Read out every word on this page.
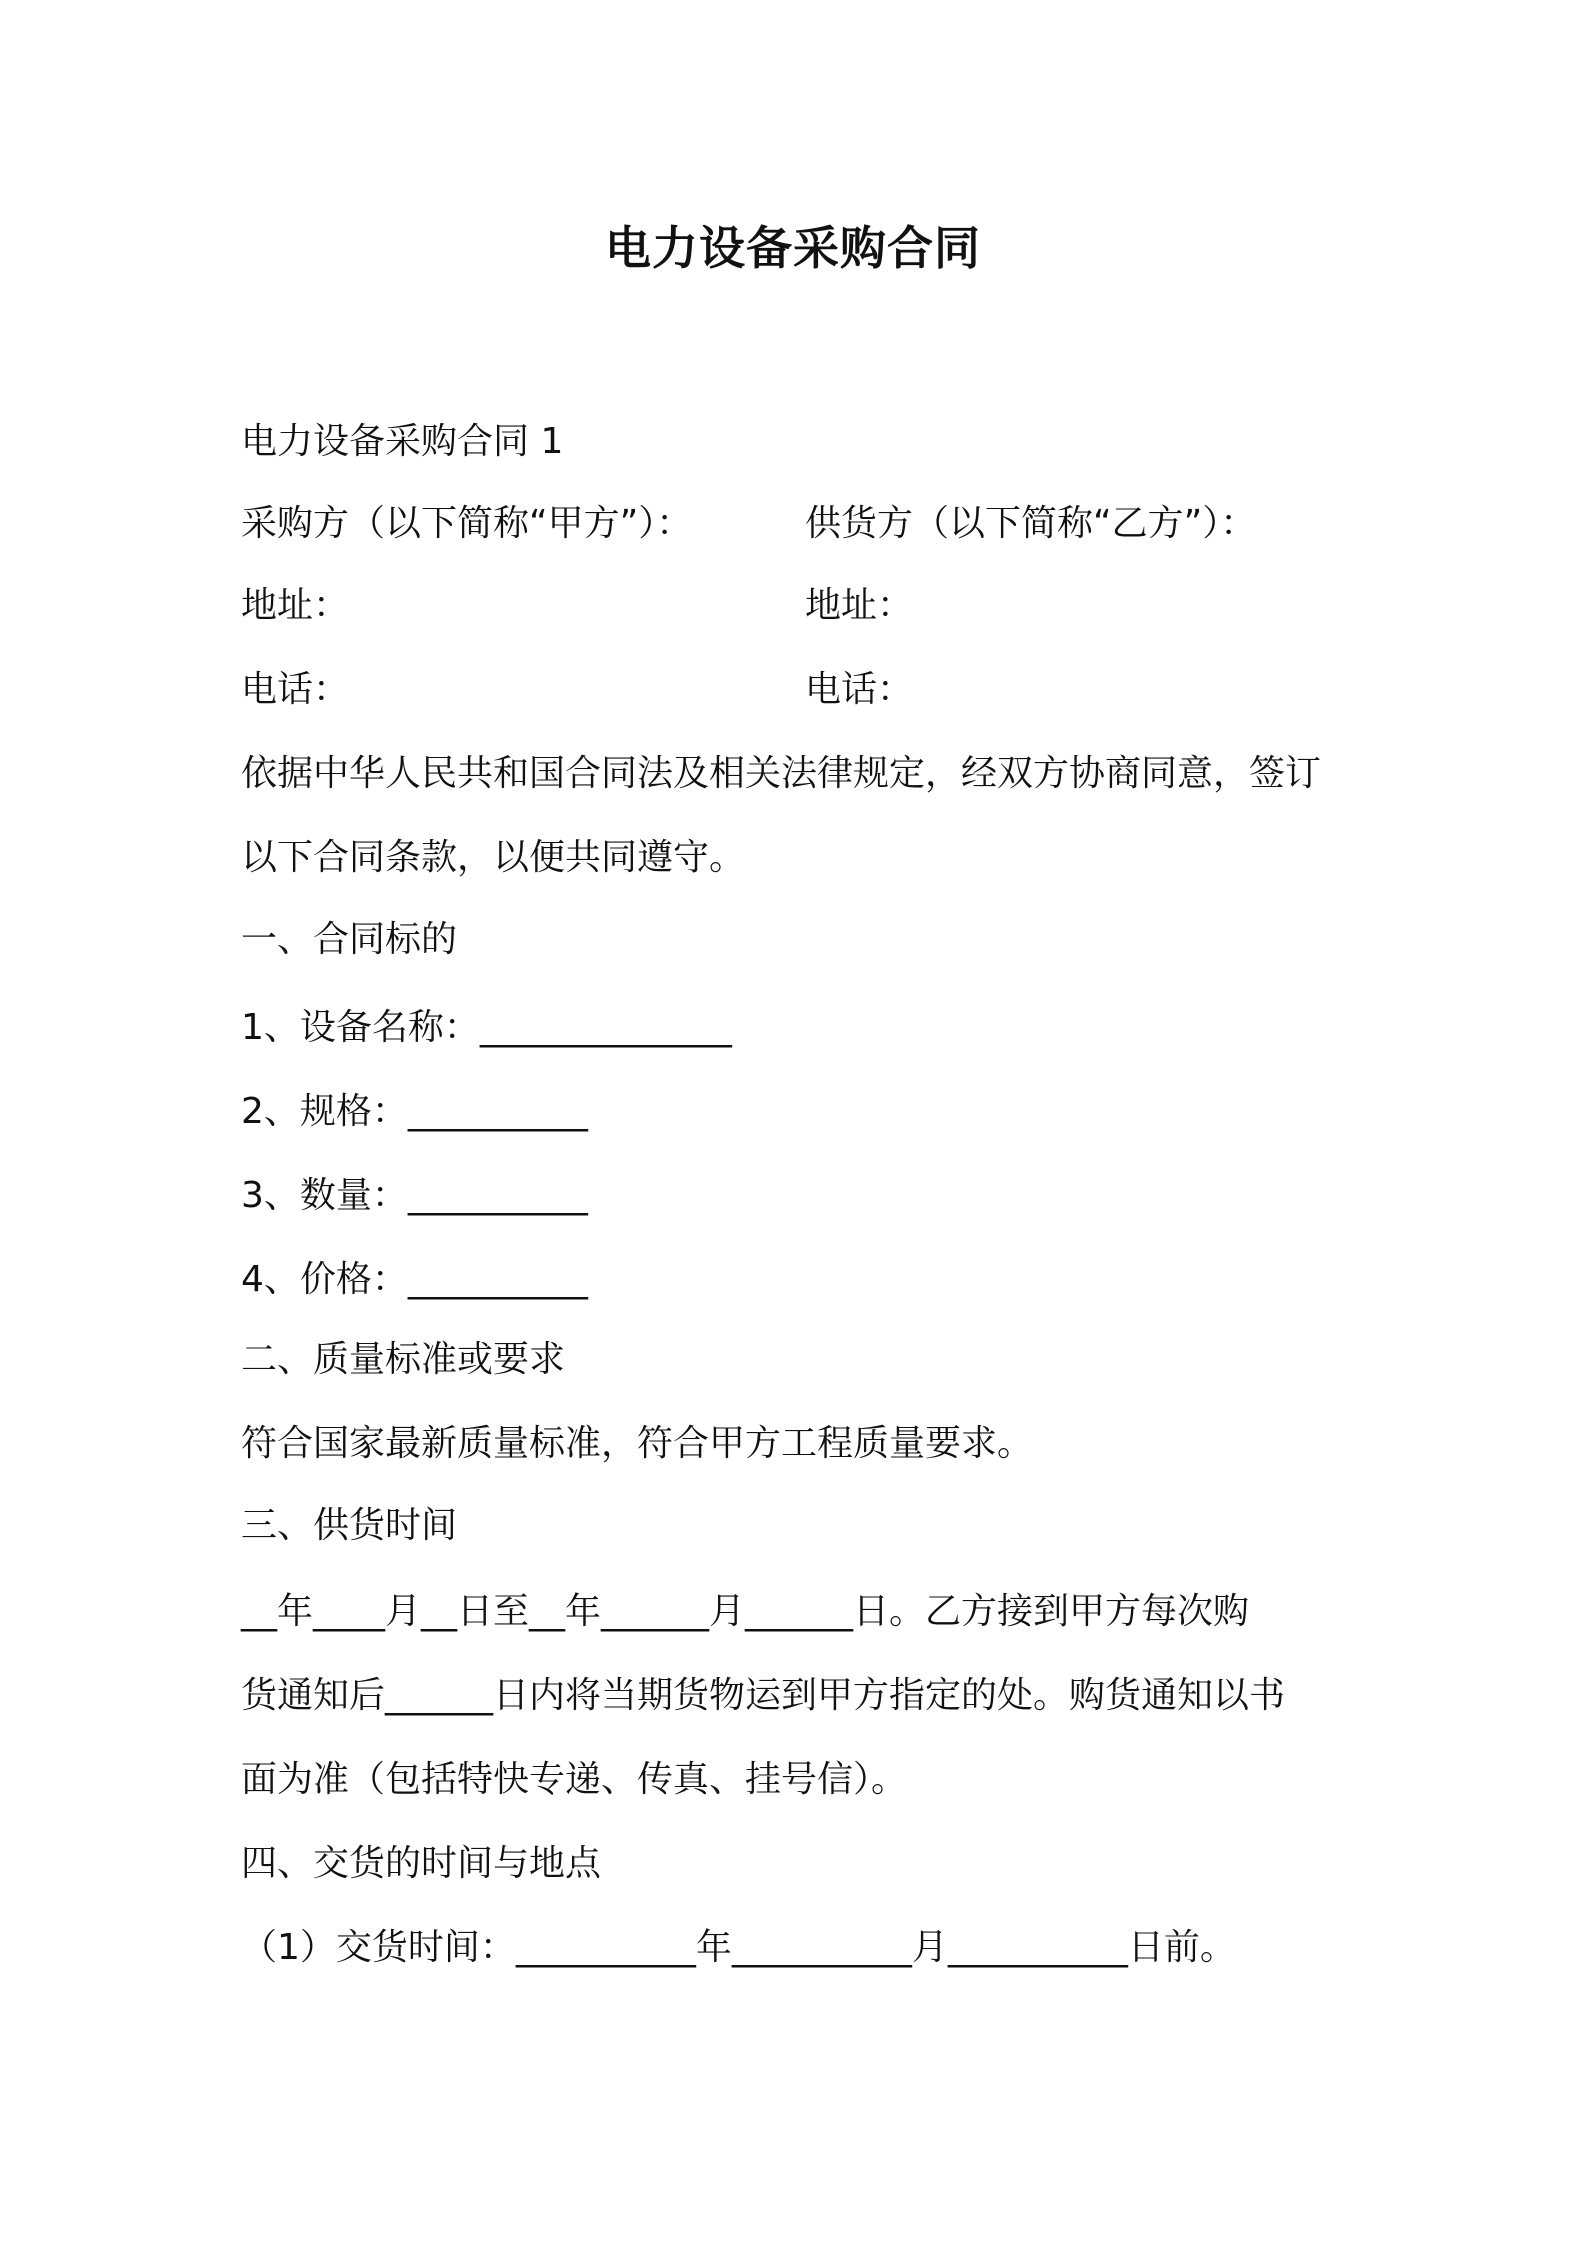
电力设备采购合同
电力设备采购合同 1
采购方（以下简称“甲方”）：	供货方（以下简称“乙方”）：
地址：	地址：
电话：	电话：
依据中华人民共和国合同法及相关法律规定，经双方协商同意，签订
以下合同条款，以便共同遵守。
一、合同标的
1、设备名称：______________
2、规格：__________
3、数量：__________
4、价格：__________
二、质量标准或要求
符合国家最新质量标准，符合甲方工程质量要求。
三、供货时间
__年____月__日至__年______月______日。乙方接到甲方每次购
货通知后______日内将当期货物运到甲方指定的处。购货通知以书
面为准（包括特快专递、传真、挂号信）。
四、交货的时间与地点
（1）交货时间：__________年__________月__________日前。
